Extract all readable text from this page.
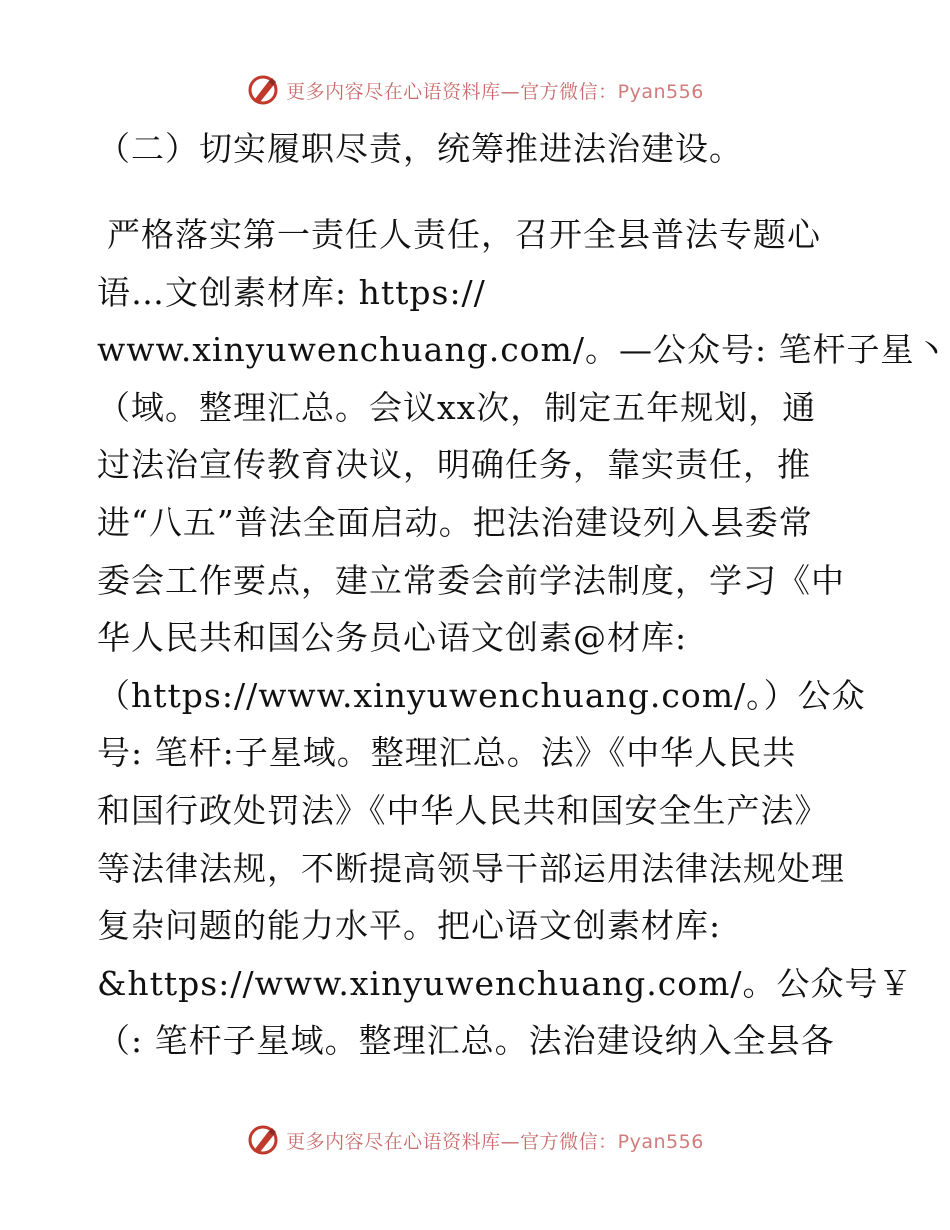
更多内容尽在心语资料库—官方微信：Pyan556
（二）切实履职尽责，统筹推进法治建设。
严格落实第一责任人责任，召开全县普法专题心
语…文创素材库: https://
www.xinyuwenchuang.com/。—公众号: 笔杆子星丶
（域。整理汇总。会议xx次，制定五年规划，通
过法治宣传教育决议，明确任务，靠实责任，推
进“八五”普法全面启动。把法治建设列入县委常
委会工作要点，建立常委会前学法制度，学习《中
华人民共和国公务员心语文创素@材库:
（https://www.xinyuwenchuang.com/。）公众
号: 笔杆:子星域。整理汇总。法》《中华人民共
和国行政处罚法》《中华人民共和国安全生产法》
等法律法规，不断提高领导干部运用法律法规处理
复杂问题的能力水平。把心语文创素材库:
&https://www.xinyuwenchuang.com/。公众号￥
（: 笔杆子星域。整理汇总。法治建设纳入全县各
更多内容尽在心语资料库—官方微信：Pyan556
